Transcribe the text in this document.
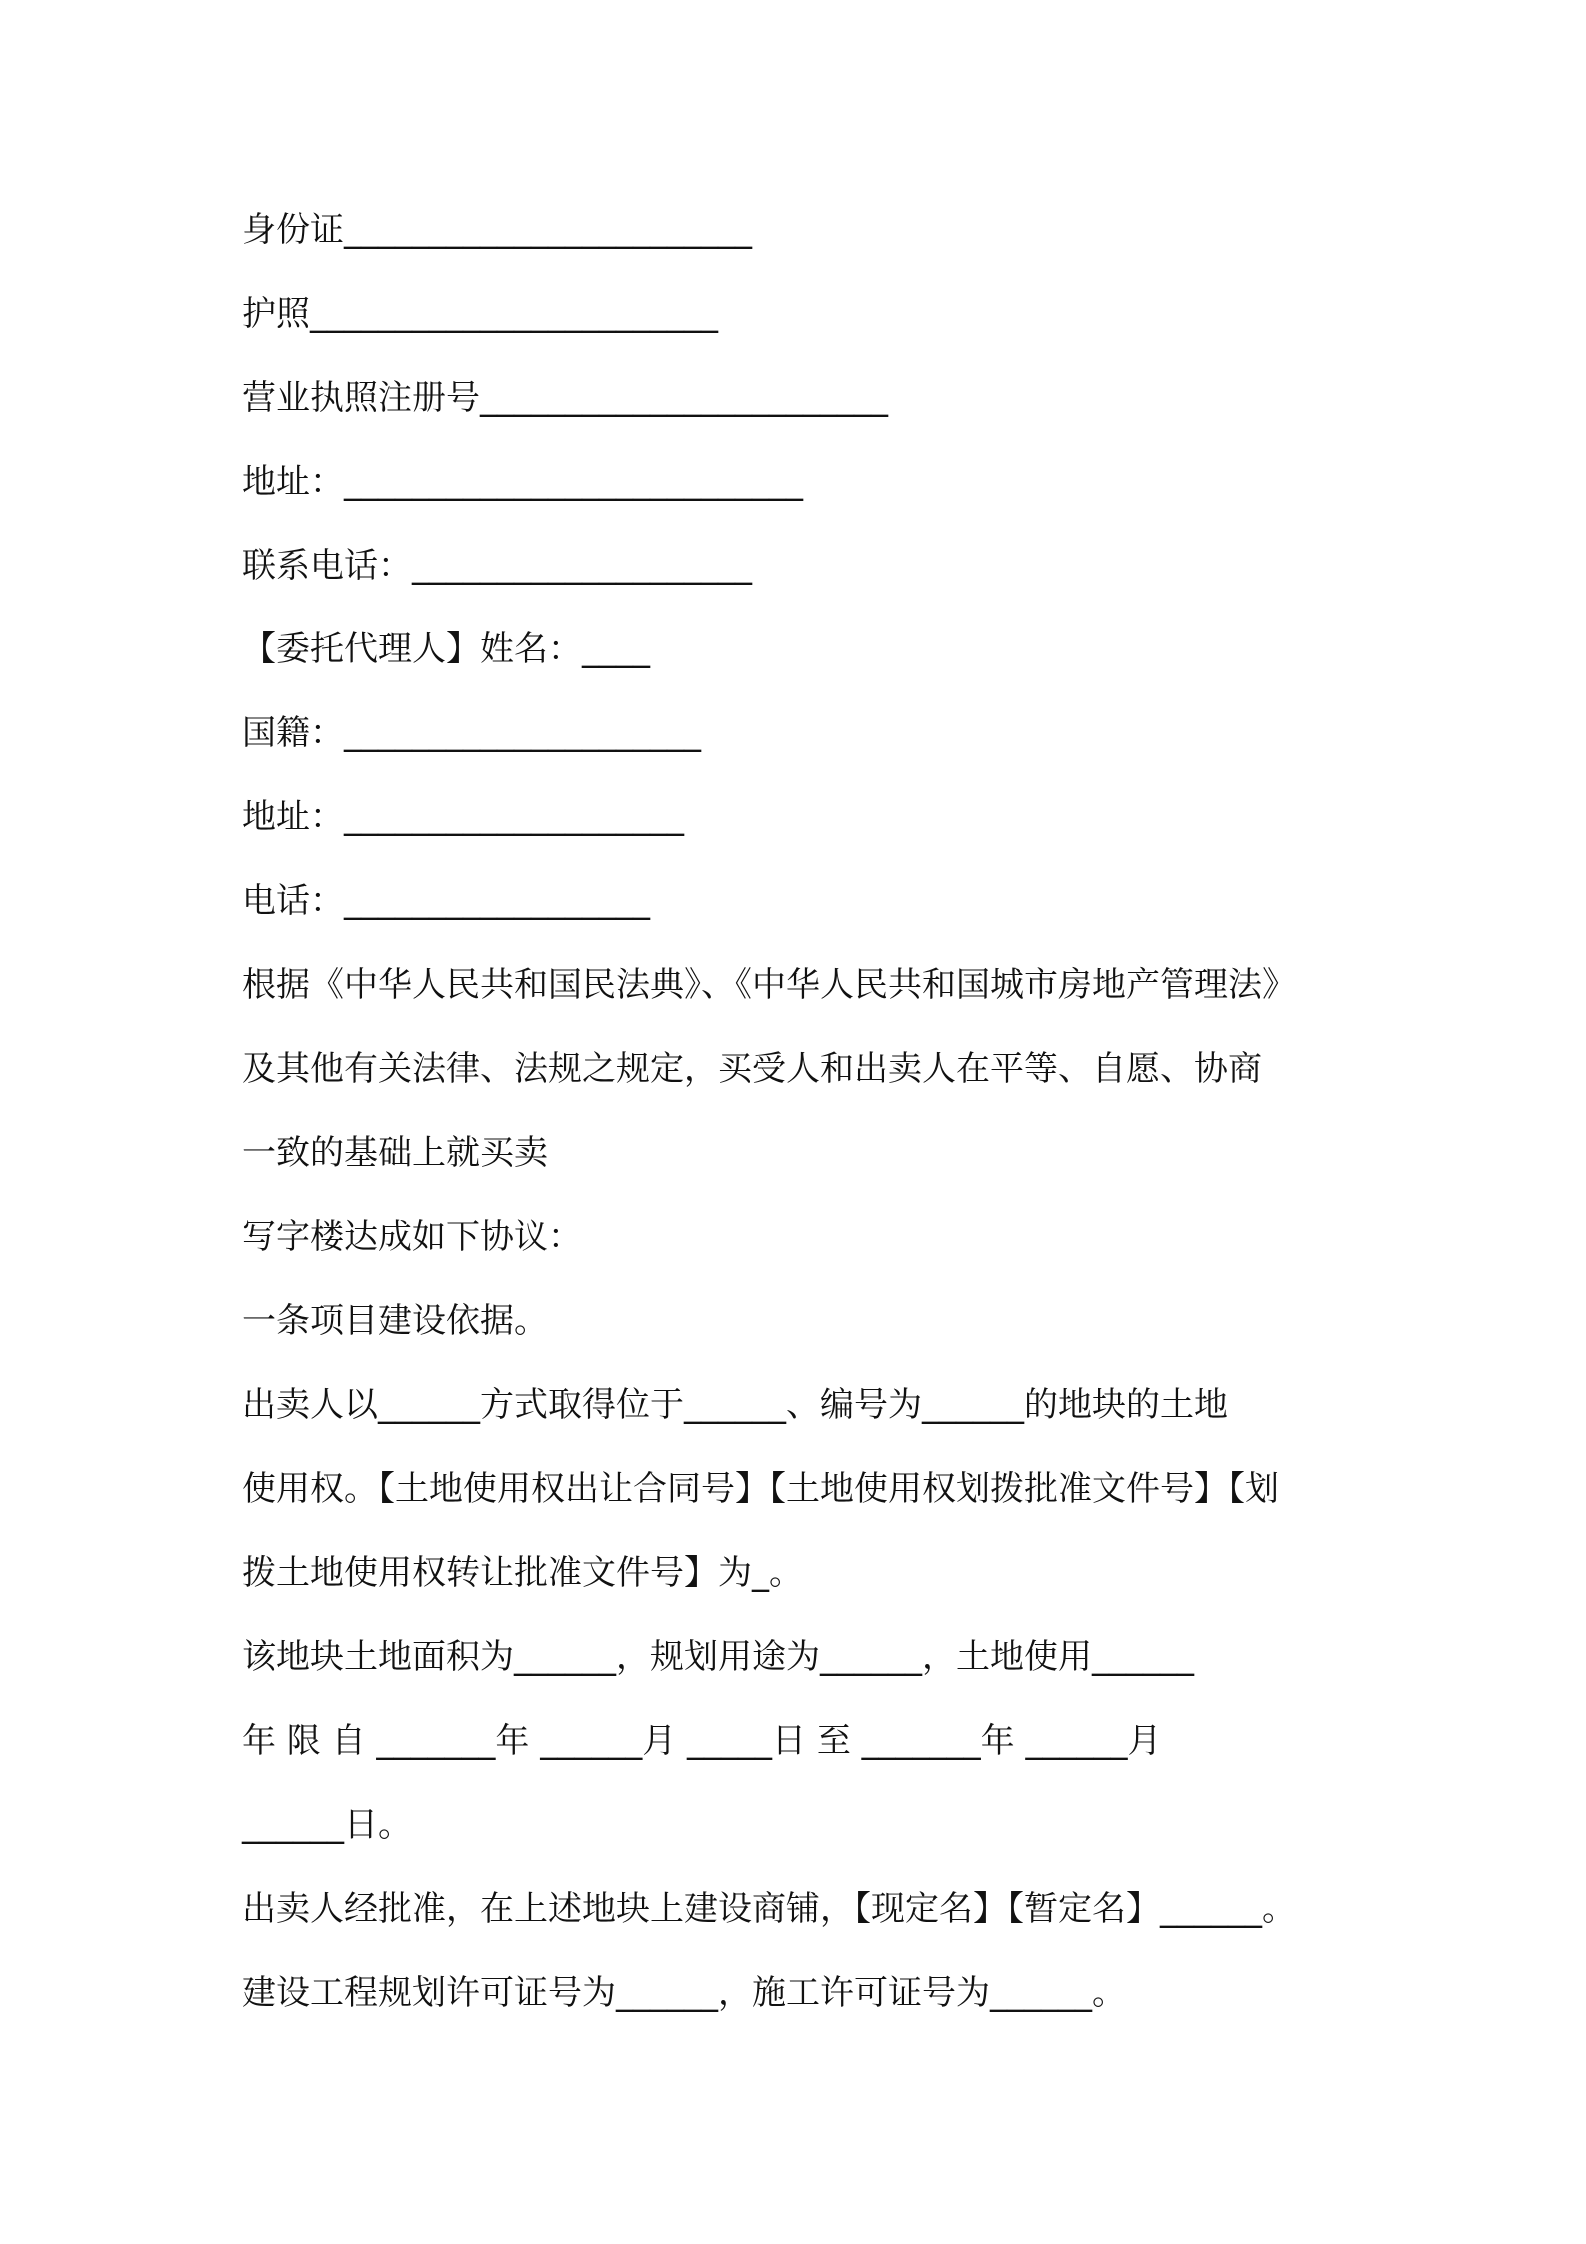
身份证________________________
护照________________________
营业执照注册号________________________
地址：___________________________
联系电话：____________________
【委托代理人】姓名：____
国籍：_____________________
地址：____________________
电话：__________________
根据《中华人民共和国民法典》、《中华人民共和国城市房地产管理法》
及其他有关法律、法规之规定，买受人和出卖人在平等、自愿、协商
一致的基础上就买卖
写字楼达成如下协议：
一条项目建设依据。
出卖人以______方式取得位于______、编号为______的地块的土地
使用权。【土地使用权出让合同号】【土地使用权划拨批准文件号】【划
拨土地使用权转让批准文件号】为_。
该地块土地面积为______，规划用途为______，土地使用______
年 限 自 _______年 ______月 _____日 至 _______年 ______月
______日。
出卖人经批准，在上述地块上建设商铺，【现定名】【暂定名】______。
建设工程规划许可证号为______，施工许可证号为______。
